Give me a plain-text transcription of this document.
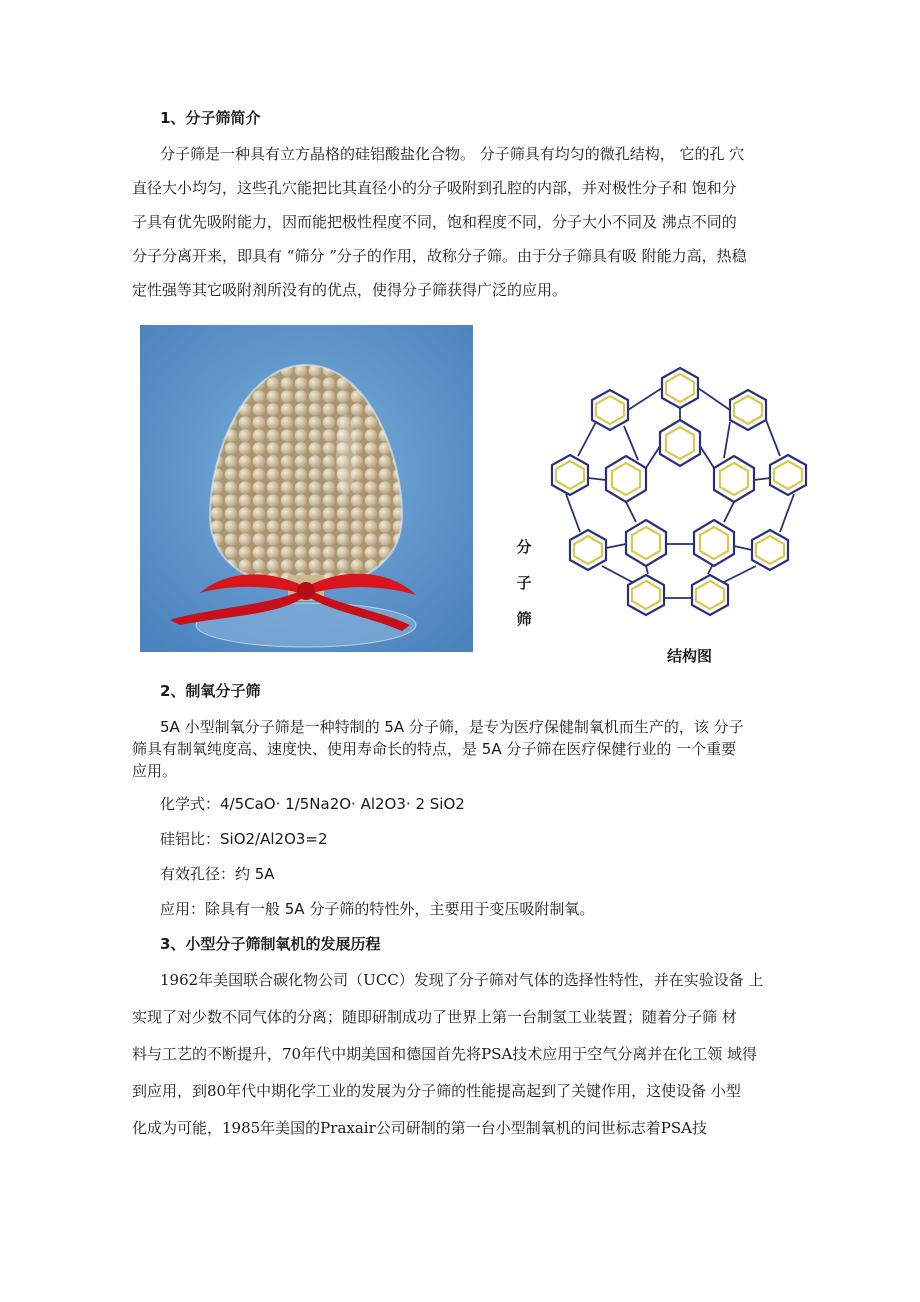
1、分子筛简介
分子筛是一种具有立方晶格的硅铝酸盐化合物。 分子筛具有均匀的微孔结构， 它的孔 穴
直径大小均匀，这些孔穴能把比其直径小的分子吸附到孔腔的内部，并对极性分子和 饱和分
子具有优先吸附能力，因而能把极性程度不同，饱和程度不同，分子大小不同及 沸点不同的
分子分离开来，即具有 “筛分 ”分子的作用，故称分子筛。由于分子筛具有吸 附能力高，热稳
定性强等其它吸附剂所没有的优点，使得分子筛获得广泛的应用。
分
子
筛
结构图
2、制氧分子筛
5A 小型制氧分子筛是一种特制的 5A 分子筛，是专为医疗保健制氧机而生产的，该 分子
筛具有制氧纯度高、速度快、使用寿命长的特点，是 5A 分子筛在医疗保健行业的 一个重要
应用。
化学式：4/5CaO· 1/5Na2O· Al2O3· 2 SiO2
硅铝比：SiO2/Al2O3=2
有效孔径：约 5A
应用：除具有一般 5A 分子筛的特性外，主要用于变压吸附制氧。
3、小型分子筛制氧机的发展历程
1962年美国联合碳化物公司（UCC）发现了分子筛对气体的选择性特性，并在实验设备 上
实现了对少数不同气体的分离；随即研制成功了世界上第一台制氢工业装置；随着分子筛 材
料与工艺的不断提升，70年代中期美国和德国首先将PSA技术应用于空气分离并在化工领 域得
到应用，到80年代中期化学工业的发展为分子筛的性能提高起到了关键作用，这使设备 小型
化成为可能，1985年美国的Praxair公司研制的第一台小型制氧机的问世标志着PSA技
